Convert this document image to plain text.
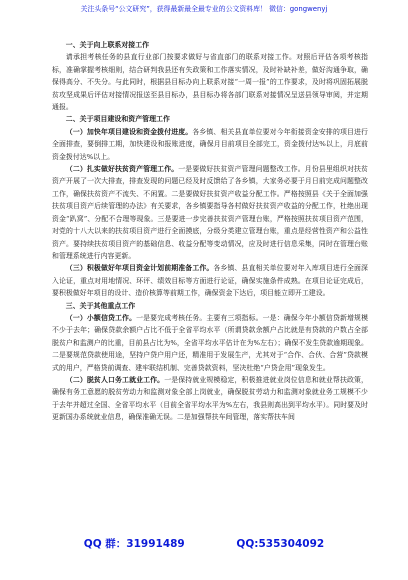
关注头条号“公文研究”，获得最新最全最专业的公文资料库！ 微信：gongwenyj

一、关于向上联系对接工作

请承担考核任务的县直行业部门按要求做好与省直部门的联系对接工作。对照后评估各项考核指标，准确掌握考核细则，结合研判我县还有失政策和工作落实情况，及时补缺补差，做好沟通争取，确保得高分、不失分。与此同时，根据县目标办向上联系对接“一周一报”的工作要求，及时将巩固拓展脱贫攻坚成果后评估对接情况报送至县目标办，县目标办将各部门联系对接情况呈送县领导审阅，并定期通报。

二、关于项目建设和资产管理工作

（一）加快年项目建设和资金拨付进度。各乡镇、相关县直单位要对今年衔接资金安排的项目进行全面排查，要倒排工期，加快建设和报账进度，确保月目前项目全部完工，资金拨付达%以上，月底前资金拨付达%以上。

（二）扎实做好扶贫资产管理工作。一是要做好扶贫资产管理问题整改工作。月份县里组织对扶贫资产开展了一次大排查，排查发现的问题已经及时反馈给了各乡镇，大家务必要于月日前完成问题整改工作，确保扶贫资产不流失、不闲置。二是要做好扶贫资产收益分配工作。严格按照县《关于全面加强扶贫项目资产后续管理的办法》有关要求，各乡镇要指导各村做好扶贫资产收益的分配工作，杜绝出现资金“趴窝”、分配不合理等现象。三是要进一步完善扶贫资产管理台账，严格按照扶贫项目资产范围，对党的十八大以来的扶贫项目资产进行全面摸底，分级分类建立管理台账，重点是经营性资产和公益性资产。要持续扶贫项目资产的基础信息、收益分配等变动情况，应及时进行信息采集，同时在管理台账和管理系统进行内容更新。

（三）积极做好年项目资金计划前期准备工作。各乡镇、县直相关单位要对年入库项目进行全面深入论证，重点对用地情况、环评、绩效目标等方面进行论证，确保实施条件成熟。在项目论证完成后，要积极做好年项目的设计、造价核算等前期工作，确保资金下达后，项目能立即开工建设。

三、关于其他重点工作

（一）小额信贷工作。一是要完成考核任务。主要有三项指标。一是：确保今年小额信贷新增规模不少于去年；确保贷款余额户占比不低于全省平均水平（所谓贷款余额户占比就是有贷款的户数占全部脱贫户和监测户的比重，目前县占比为%，全省平均水平估计在为%左右）；确保不发生贷款逾期现象。二是要规范贷款使用途，坚持户贷户用户还，精准用于发展生产，尤其对于“合作、合伙、合营”贷款模式的用户，严格贷前调查、建牢联结机制、完善贷款资料，坚决杜绝“户贷企用”现象发生。

（二）脱贫人口务工就业工作。一是保持就业规模稳定，积极推进就业岗位信息和就业帮扶政策，确保有务工意愿的脱贫劳动力和监测对象全部上岗就业，确保脱贫劳动力和监测对象就业务工规模不少于去年并超过全国、全省平均水平（目前全省平均水平为%左右，我县则高出到平均水平）。同时要及时更新国办系统就业信息，确保准确无误。二是加强帮扶车间管理，落实帮扶车间

QQ 群：31991489	QQ:535304092
